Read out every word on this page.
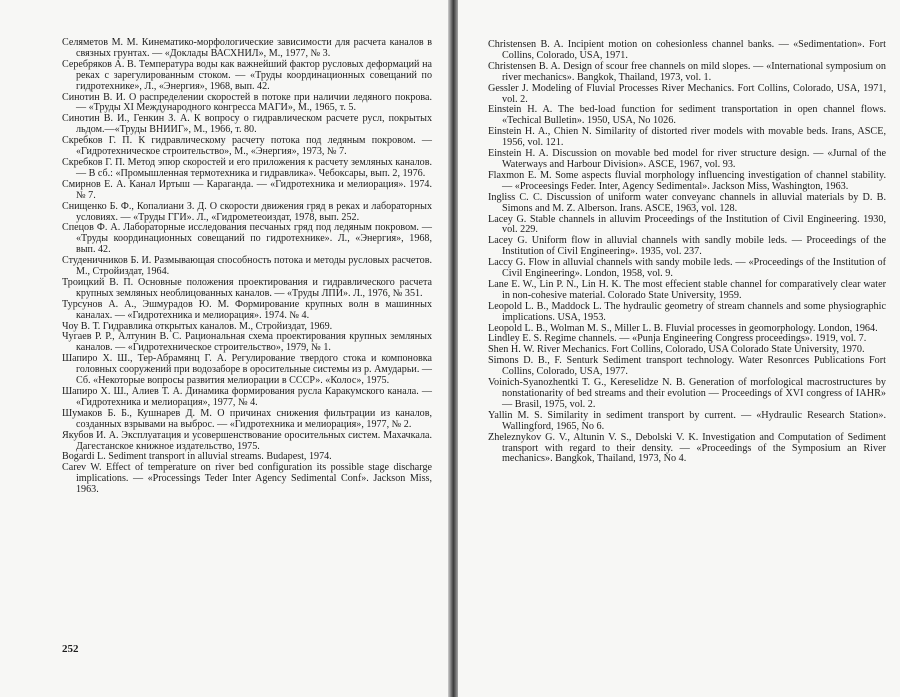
Селяметов М. М. Кинематико-морфологические зависимости для расчета каналов в связных грунтах. — «Доклады ВАСХНИЛ», М., 1977, № 3.

Серебряков А. В. Температура воды как важнейший фактор русловых деформаций на реках с зарегулированным стоком. — «Труды координационных совещаний по гидротехнике», Л., «Энергия», 1968, вып. 42.

Синотин В. И. О распределении скоростей в потоке при наличии ледяного покрова. — «Труды XI Международного конгресса МАГИ», М., 1965, т. 5.

Синотин В. И., Генкин З. А. К вопросу о гидравлическом расчете русл, покрытых льдом.—«Труды ВНИИГ», М., 1966, т. 80.

Скребков Г. П. К гидравлическому расчету потока под ледяным покровом. — «Гидротехническое строительство», М., «Энергия», 1973, № 7.

Скребков Г. П. Метод эпюр скоростей и его приложения к расчету земляных каналов. — В сб.: «Промышленная термотехника и гидравлика». Чебоксары, вып. 2, 1976.

Смирнов Е. А. Канал Иртыш — Караганда. — «Гидротехника и мелиорация». 1974. № 7.

Снищенко Б. Ф., Копалиани З. Д. О скорости движения гряд в реках и лабораторных условиях. — «Труды ГГИ». Л., «Гидрометеоиздат, 1978, вып. 252.

Спецов Ф. А. Лабораторные исследования песчаных гряд под ледяным покровом. — «Труды координационных совещаний по гидротехнике». Л., «Энергия», 1968, вып. 42.

Студеничников Б. И. Размывающая способность потока и методы русловых расчетов. М., Стройиздат, 1964.

Троицкий В. П. Основные положения проектирования и гидравлического расчета крупных земляных необлицованных каналов. — «Труды ЛПИ». Л., 1976, № 351.

Турсунов А. А., Эшмурадов Ю. М. Формирование крупных волн в машинных каналах. — «Гидротехника и мелиорация». 1974. № 4.

Чоу В. Т. Гидравлика открытых каналов. М., Стройиздат, 1969.

Чугаев Р. Р., Алтунин В. С. Рациональная схема проектирования крупных земляных каналов. — «Гидротехническое строительство», 1979, № 1.

Шапиро Х. Ш., Тер-Абрамянц Г. А. Регулирование твердого стока и компоновка головных сооружений при водозаборе в оросительные системы из р. Амударьи. — Сб. «Некоторые вопросы развития мелиорации в СССР». «Колос», 1975.

Шапиро Х. Ш., Алиев Т. А. Динамика формирования русла Каракумского канала. — «Гидротехника и мелиорация», 1977, № 4.

Шумаков Б. Б., Кушнарев Д. М. О причинах снижения фильтрации из каналов, созданных взрывами на выброс. — «Гидротехника и мелиорация», 1977, № 2.

Якубов И. А. Эксплуатация и усовершенствование оросительных систем. Махачкала. Дагестанское книжное издательство, 1975.

Bogardi L. Sediment transport in alluvial streams. Budapest, 1974.

Carev W. Effect of temperature on river bed configuration its possible stage discharge implications. — «Processings Teder Inter Agency Sedimental Conf». Jackson Miss, 1963.

252

Christensen B. A. Incipient motion on cohesionless channel banks. — «Sedimentation». Fort Collins, Colorado, USA, 1971.

Christensen B. A. Design of scour free channels on mild slopes. — «International symposium on river mechanics». Bangkok, Thailand, 1973, vol. 1.

Gessler J. Modeling of Fluvial Processes River Mechanics. Fort Collins, Colorado, USA, 1971, vol. 2.

Einstein H. A. The bed-load function for sediment transportation in open channel flows. «Techical Bulletin». 1950, USA, No 1026.

Einstein H. A., Chien N. Similarity of distorted river models with movable beds. Irans, ASCE, 1956, vol. 121.

Einstein H. A. Discussion on movable bed model for river structure design. — «Jurnal of the Waterways and Harbour Division». ASCE, 1967, vol. 93.

Flaxmon E. M. Some aspects fluvial morphology influencing investigation of channel stability. — «Proceesings Feder. Inter, Agency Sedimental». Jackson Miss, Washington, 1963.

Ingliss C. C. Discussion of uniform water conveyanc channels in alluvial materials by D. B. Simons and M. Z. Alberson. Irans. ASCE, 1963, vol. 128.

Lacey G. Stable channels in alluvim Proceedings of the Institution of Civil Engineering. 1930, vol. 229.

Lacey G. Uniform flow in alluvial channels with sandly mobile leds. — Proceedings of the Institution of Civil Engineering». 1935, vol. 237.

Laccy G. Flow in alluvial channels with sandy mobile leds. — «Proceedings of the Institution of Civil Engineering». London, 1958, vol. 9.

Lane E. W., Lin P. N., Lin H. K. The most effecient stable channel for comparatively clear water in non-cohesive material. Colorado State University, 1959.

Leopold L. B., Maddock L. The hydraulic geometry of stream channels and some physiographic implications. USA, 1953.

Leopold L. B., Wolman M. S., Miller L. B. Fluvial processes in geomorphology. London, 1964.

Lindley E. S. Regime channels. — «Punja Engineering Congress proceedings». 1919, vol. 7.

Shen H. W. River Mechanics. Fort Collins, Colorado, USA Colorado State University, 1970.

Simons D. B., F. Senturk Sediment transport technology. Water Resonrces Publications Fort Collins, Colorado, USA, 1977.

Voinich-Syanozhentki T. G., Kereselidze N. B. Generation of morfological macrostructures by nonstationarity of bed streams and their evolution — Proceedings of XVI congress of IAHR» — Brasil, 1975, vol. 2.

Yallin M. S. Similarity in sediment transport by current. — «Hydraulic Research Station». Wallingford, 1965, No 6.

Zheleznykov G. V., Altunin V. S., Debolski V. K. Investigation and Computation of Sediment transport with regard to their density. — «Proceedings of the Symposium an River mechanics». Bangkok, Thailand, 1973, No 4.
